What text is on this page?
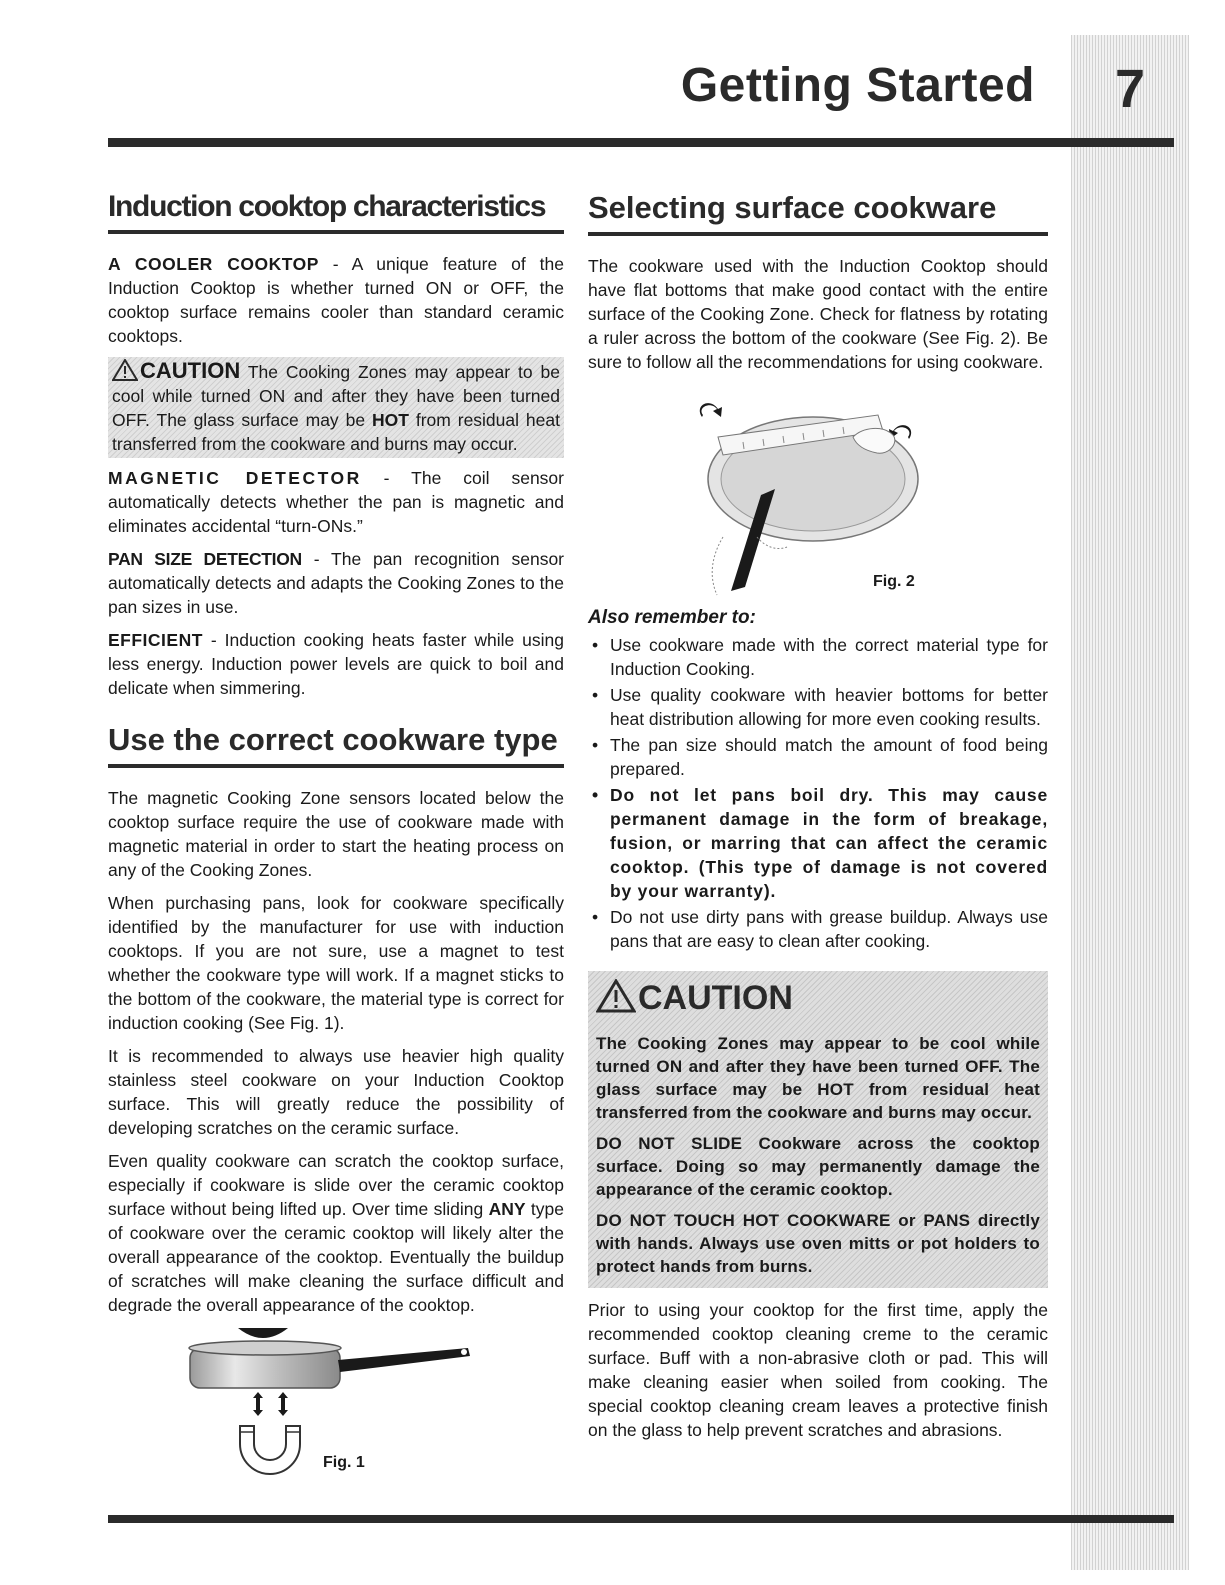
Getting Started	7
Induction cooktop characteristics

A COOLER COOKTOP - A unique feature of the Induction Cooktop is whether turned ON or OFF, the cooktop surface remains cooler than standard ceramic cooktops.

CAUTION The Cooking Zones may appear to be cool while turned ON and after they have been turned OFF. The glass surface may be HOT from residual heat transferred from the cookware and burns may occur.

MAGNETIC DETECTOR - The coil sensor automatically detects whether the pan is magnetic and eliminates accidental “turn-ONs.”

PAN SIZE DETECTION - The pan recognition sensor automatically detects and adapts the Cooking Zones to the pan sizes in use.

EFFICIENT - Induction cooking heats faster while using less energy. Induction power levels are quick to boil and delicate when simmering.

Use the correct cookware type

The magnetic Cooking Zone sensors located below the cooktop surface require the use of cookware made with magnetic material in order to start the heating process on any of the Cooking Zones.

When purchasing pans, look for cookware specifically identified by the manufacturer for use with induction cooktops. If you are not sure, use a magnet to test whether the cookware type will work. If a magnet sticks to the bottom of the cookware, the material type is correct for induction cooking (See Fig. 1).

It is recommended to always use heavier high quality stainless steel cookware on your Induction Cooktop surface. This will greatly reduce the possibility of developing scratches on the ceramic surface.

Even quality cookware can scratch the cooktop surface, especially if cookware is slide over the ceramic cooktop surface without being lifted up. Over time sliding ANY type of cookware over the ceramic cooktop will likely alter the overall appearance of the cooktop. Eventually the buildup of scratches will make cleaning the surface difficult and degrade the overall appearance of the cooktop.

Fig. 1
Selecting surface cookware

The cookware used with the Induction Cooktop should have flat bottoms that make good contact with the entire surface of the Cooking Zone. Check for flatness by rotating a ruler across the bottom of the cookware (See Fig. 2). Be sure to follow all the recommendations for using cookware.

Fig. 2
Also remember to:
• Use cookware made with the correct material type for Induction Cooking.
• Use quality cookware with heavier bottoms for better heat distribution allowing for more even cooking results.
• The pan size should match the amount of food being prepared.
• Do not let pans boil dry. This may cause permanent damage in the form of breakage, fusion, or marring that can affect the ceramic cooktop. (This type of damage is not covered by your warranty).
• Do not use dirty pans with grease buildup. Always use pans that are easy to clean after cooking.
CAUTION

The Cooking Zones may appear to be cool while turned ON and after they have been turned OFF. The glass surface may be HOT from residual heat transferred from the cookware and burns may occur.

DO NOT SLIDE Cookware across the cooktop surface. Doing so may permanently damage the appearance of the ceramic cooktop.

DO NOT TOUCH HOT COOKWARE or PANS directly with hands. Always use oven mitts or pot holders to protect hands from burns.

Prior to using your cooktop for the first time, apply the recommended cooktop cleaning creme to the ceramic surface. Buff with a non-abrasive cloth or pad. This will make cleaning easier when soiled from cooking. The special cooktop cleaning cream leaves a protective finish on the glass to help prevent scratches and abrasions.
